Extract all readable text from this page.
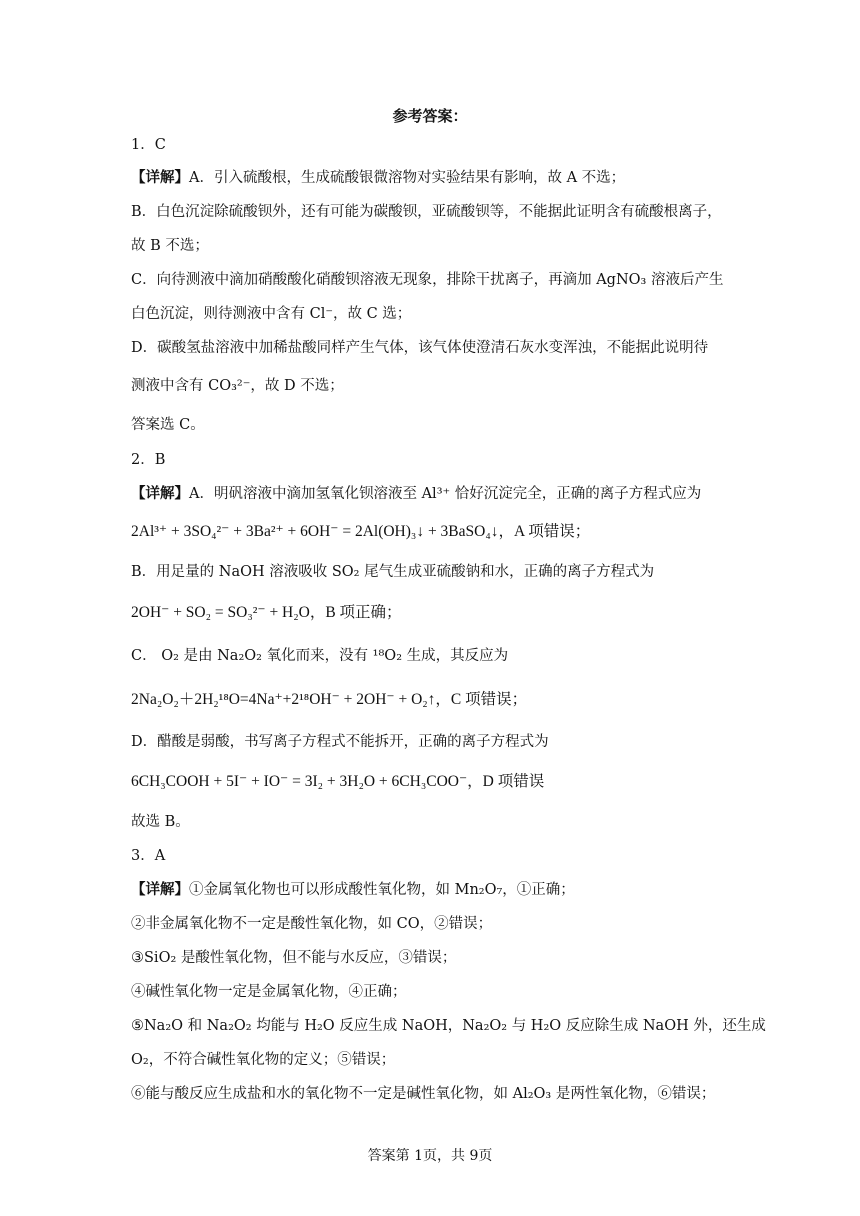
参考答案：
1．C
【详解】A．引入硫酸根，生成硫酸银微溶物对实验结果有影响，故 A 不选；
B．白色沉淀除硫酸钡外，还有可能为碳酸钡，亚硫酸钡等，不能据此证明含有硫酸根离子，
故 B 不选；
C．向待测液中滴加硝酸酸化硝酸钡溶液无现象，排除干扰离子，再滴加 AgNO₃ 溶液后产生
白色沉淀，则待测液中含有 Cl⁻，故 C 选；
D．碳酸氢盐溶液中加稀盐酸同样产生气体，该气体使澄清石灰水变浑浊，不能据此说明待
测液中含有 CO₃²⁻，故 D 不选；
答案选 C。
2．B
【详解】A．明矾溶液中滴加氢氧化钡溶液至 Al³⁺ 恰好沉淀完全，正确的离子方程式应为
2Al³⁺ + 3SO₄²⁻ + 3Ba²⁺ + 6OH⁻ = 2Al(OH)₃↓ + 3BaSO₄↓，A 项错误；
B．用足量的 NaOH 溶液吸收 SO₂ 尾气生成亚硫酸钠和水，正确的离子方程式为
2OH⁻ + SO₂ = SO₃²⁻ + H₂O，B 项正确；
C． O₂ 是由 Na₂O₂ 氧化而来，没有 ¹⁸O₂ 生成，其反应为
2Na₂O₂＋2H₂¹⁸O=4Na⁺+2¹⁸OH⁻ + 2OH⁻ + O₂↑，C 项错误；
D．醋酸是弱酸，书写离子方程式不能拆开，正确的离子方程式为
6CH₃COOH + 5I⁻ + IO⁻ = 3I₂ + 3H₂O + 6CH₃COO⁻，D 项错误
故选 B。
3．A
【详解】①金属氧化物也可以形成酸性氧化物，如 Mn₂O₇，①正确；
②非金属氧化物不一定是酸性氧化物，如 CO，②错误；
③SiO₂ 是酸性氧化物，但不能与水反应，③错误；
④碱性氧化物一定是金属氧化物，④正确；
⑤Na₂O 和 Na₂O₂ 均能与 H₂O 反应生成 NaOH，Na₂O₂ 与 H₂O 反应除生成 NaOH 外，还生成
O₂，不符合碱性氧化物的定义；⑤错误；
⑥能与酸反应生成盐和水的氧化物不一定是碱性氧化物，如 Al₂O₃ 是两性氧化物，⑥错误；
答案第 1页，共 9页
